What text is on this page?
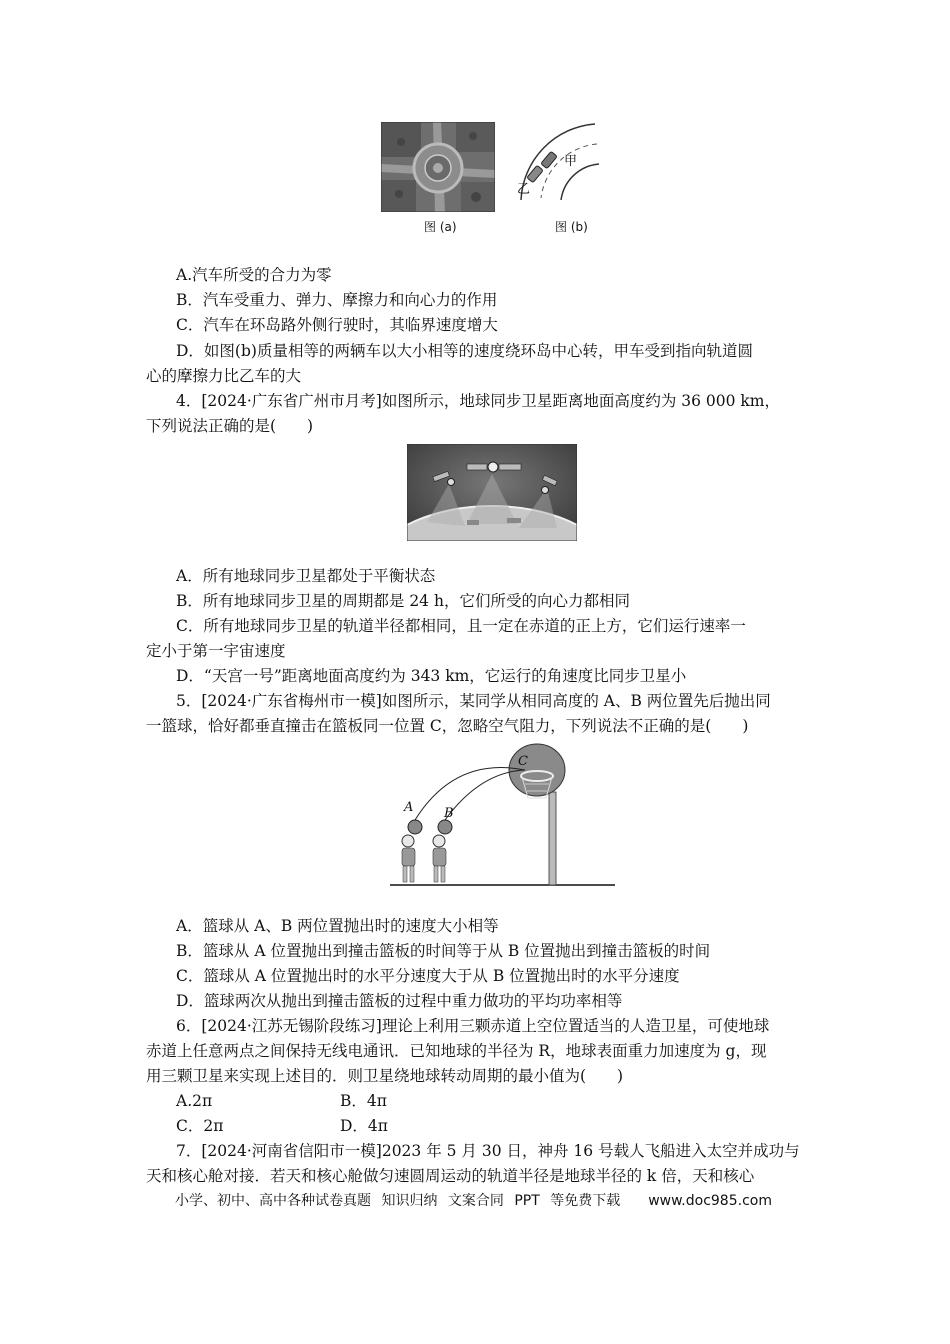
图 (a)
甲
乙
图 (b)
A.汽车所受的合力为零
B．汽车受重力、弹力、摩擦力和向心力的作用
C．汽车在环岛路外侧行驶时，其临界速度增大
D．如图(b)质量相等的两辆车以大小相等的速度绕环岛中心转，甲车受到指向轨道圆
心的摩擦力比乙车的大
4．[2024·广东省广州市月考]如图所示，地球同步卫星距离地面高度约为 36 000 km，
下列说法正确的是(　　)
A．所有地球同步卫星都处于平衡状态
B．所有地球同步卫星的周期都是 24 h，它们所受的向心力都相同
C．所有地球同步卫星的轨道半径都相同，且一定在赤道的正上方，它们运行速率一
定小于第一宇宙速度
D．“天宫一号”距离地面高度约为 343 km，它运行的角速度比同步卫星小
5．[2024·广东省梅州市一模]如图所示，某同学从相同高度的 A、B 两位置先后抛出同
一篮球，恰好都垂直撞击在篮板同一位置 C，忽略空气阻力，下列说法不正确的是(　　)
A B
C
A．篮球从 A、B 两位置抛出时的速度大小相等
B．篮球从 A 位置抛出到撞击篮板的时间等于从 B 位置抛出到撞击篮板的时间
C．篮球从 A 位置抛出时的水平分速度大于从 B 位置抛出时的水平分速度
D．篮球两次从抛出到撞击篮板的过程中重力做功的平均功率相等
6．[2024·江苏无锡阶段练习]理论上利用三颗赤道上空位置适当的人造卫星，可使地球
赤道上任意两点之间保持无线电通讯．已知地球的半径为 R，地球表面重力加速度为 g，现
用三颗卫星来实现上述目的．则卫星绕地球转动周期的最小值为(　　)
A.2π	B．4π
C．2π	D．4π
7．[2024·河南省信阳市一模]2023 年 5 月 30 日，神舟 16 号载人飞船进入太空并成功与
天和核心舱对接．若天和核心舱做匀速圆周运动的轨道半径是地球半径的 k 倍，天和核心
小学、初中、高中各种试卷真题 知识归纳 文案合同 PPT 等免费下载　　www.doc985.com
